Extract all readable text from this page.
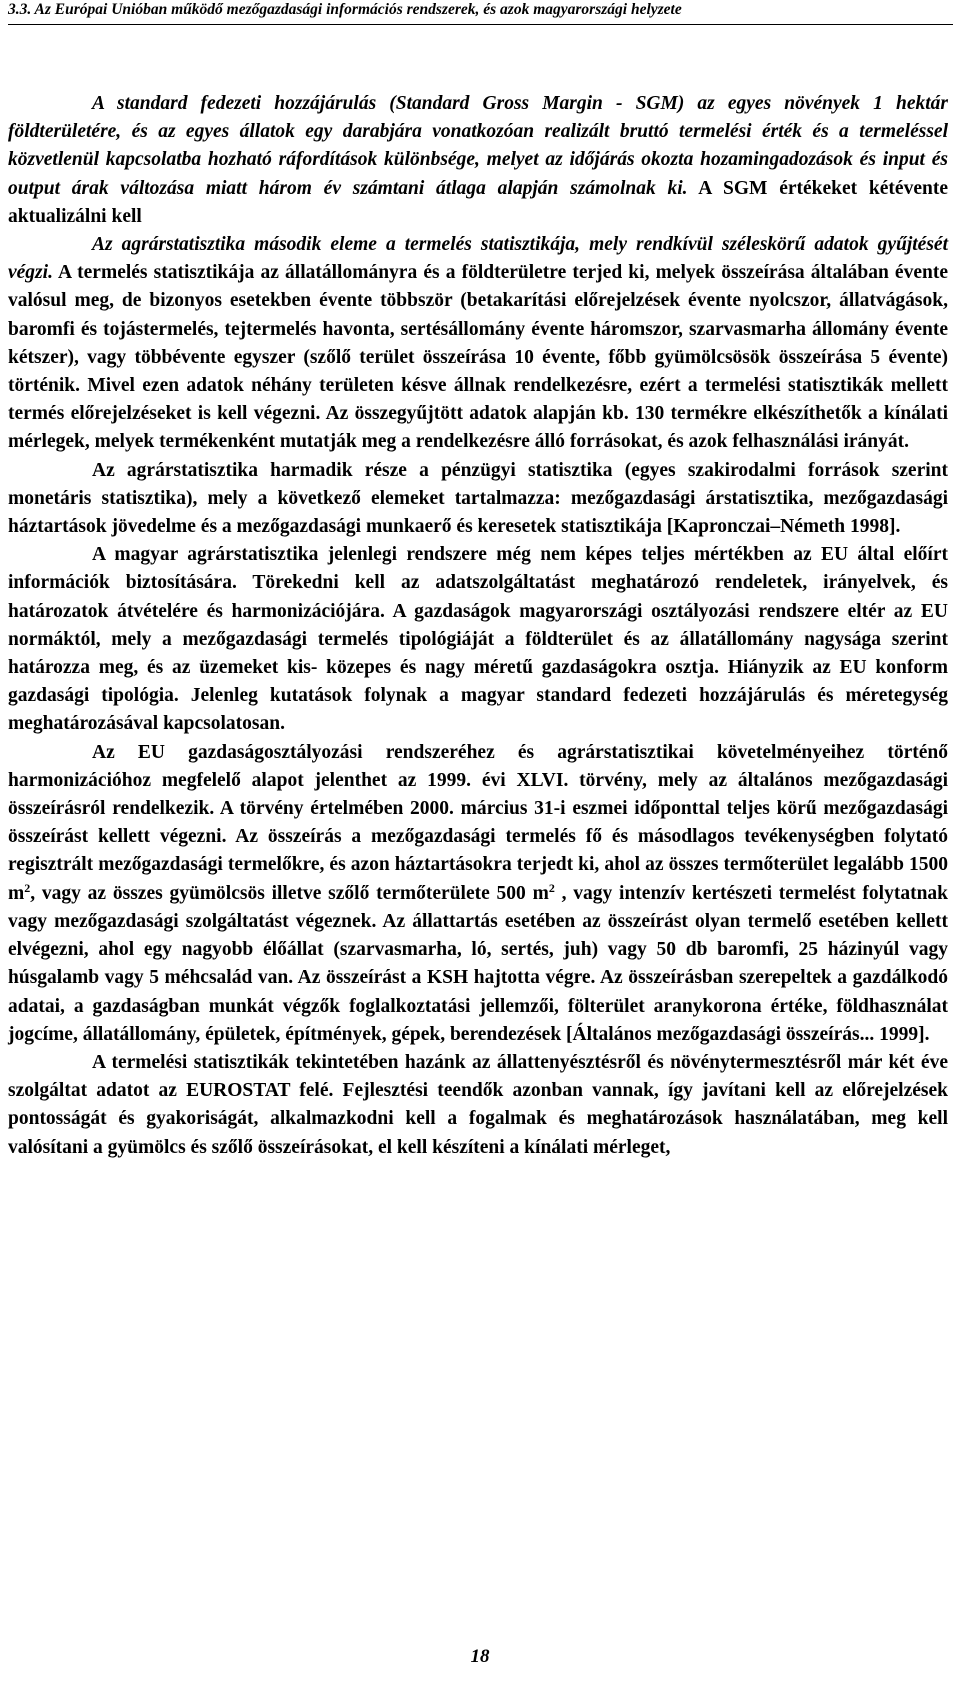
3.3. Az Európai Unióban működő mezőgazdasági információs rendszerek, és azok magyarországi helyzete

A standard fedezeti hozzájárulás (Standard Gross Margin - SGM) az egyes növények 1 hektár földterületére, és az egyes állatok egy darabjára vonatkozóan realizált bruttó termelési érték és a termeléssel közvetlenül kapcsolatba hozható ráfordítások különbsége, melyet az időjárás okozta hozamingadozások és input és output árak változása miatt három év számtani átlaga alapján számolnak ki. A SGM értékeket kétévente aktualizálni kell

Az agrárstatisztika második eleme a termelés statisztikája, mely rendkívül széleskörű adatok gyűjtését végzi. A termelés statisztikája az állatállományra és a földterületre terjed ki, melyek összeírása általában évente valósul meg, de bizonyos esetekben évente többször (betakarítási előrejelzések évente nyolcszor, állatvágások, baromfi és tojástermelés, tejtermelés havonta, sertésállomány évente háromszor, szarvasmarha állomány évente kétszer), vagy többévente egyszer (szőlő terület összeírása 10 évente, főbb gyümölcsösök összeírása 5 évente) történik. Mivel ezen adatok néhány területen késve állnak rendelkezésre, ezért a termelési statisztikák mellett termés előrejelzéseket is kell végezni. Az összegyűjtött adatok alapján kb. 130 termékre elkészíthetők a kínálati mérlegek, melyek termékenként mutatják meg a rendelkezésre álló forrásokat, és azok felhasználási irányát.

Az agrárstatisztika harmadik része a pénzügyi statisztika (egyes szakirodalmi források szerint monetáris statisztika), mely a következő elemeket tartalmazza: mezőgazdasági árstatisztika, mezőgazdasági háztartások jövedelme és a mezőgazdasági munkaerő és keresetek statisztikája [Kapronczai–Németh 1998].

A magyar agrárstatisztika jelenlegi rendszere még nem képes teljes mértékben az EU által előírt információk biztosítására. Törekedni kell az adatszolgáltatást meghatározó rendeletek, irányelvek, és határozatok átvételére és harmonizációjára. A gazdaságok magyarországi osztályozási rendszere eltér az EU normáktól, mely a mezőgazdasági termelés tipológiáját a földterület és az állatállomány nagysága szerint határozza meg, és az üzemeket kis- közepes és nagy méretű gazdaságokra osztja. Hiányzik az EU konform gazdasági tipológia. Jelenleg kutatások folynak a magyar standard fedezeti hozzájárulás és méretegység meghatározásával kapcsolatosan.

Az EU gazdaságosztályozási rendszeréhez és agrárstatisztikai követelményeihez történő harmonizációhoz megfelelő alapot jelenthet az 1999. évi XLVI. törvény, mely az általános mezőgazdasági összeírásról rendelkezik. A törvény értelmében 2000. március 31-i eszmei időponttal teljes körű mezőgazdasági összeírást kellett végezni. Az összeírás a mezőgazdasági termelés fő és másodlagos tevékenységben folytató regisztrált mezőgazdasági termelőkre, és azon háztartásokra terjedt ki, ahol az összes termőterület legalább 1500 $m^2$, vagy az összes gyümölcsös illetve szőlő termőterülete 500 $m^2$ , vagy intenzív kertészeti termelést folytatnak vagy mezőgazdasági szolgáltatást végeznek. Az állattartás esetében az összeírást olyan termelő esetében kellett elvégezni, ahol egy nagyobb élőállat (szarvasmarha, ló, sertés, juh) vagy 50 db baromfi, 25 házinyúl vagy húsgalamb vagy 5 méhcsalád van. Az összeírást a KSH hajtotta végre. Az összeírásban szerepeltek a gazdálkodó adatai, a gazdaságban munkát végzők foglalkoztatási jellemzői, fölterület aranykorona értéke, földhasználat jogcíme, állatállomány, épületek, építmények, gépek, berendezések [Általános mezőgazdasági összeírás... 1999].

A termelési statisztikák tekintetében hazánk az állattenyésztésről és növénytermesztésről már két éve szolgáltat adatot az EUROSTAT felé. Fejlesztési teendők azonban vannak, így javítani kell az előrejelzések pontosságát és gyakoriságát, alkalmazkodni kell a fogalmak és meghatározások használatában, meg kell valósítani a gyümölcs és szőlő összeírásokat, el kell készíteni a kínálati mérleget,

18
